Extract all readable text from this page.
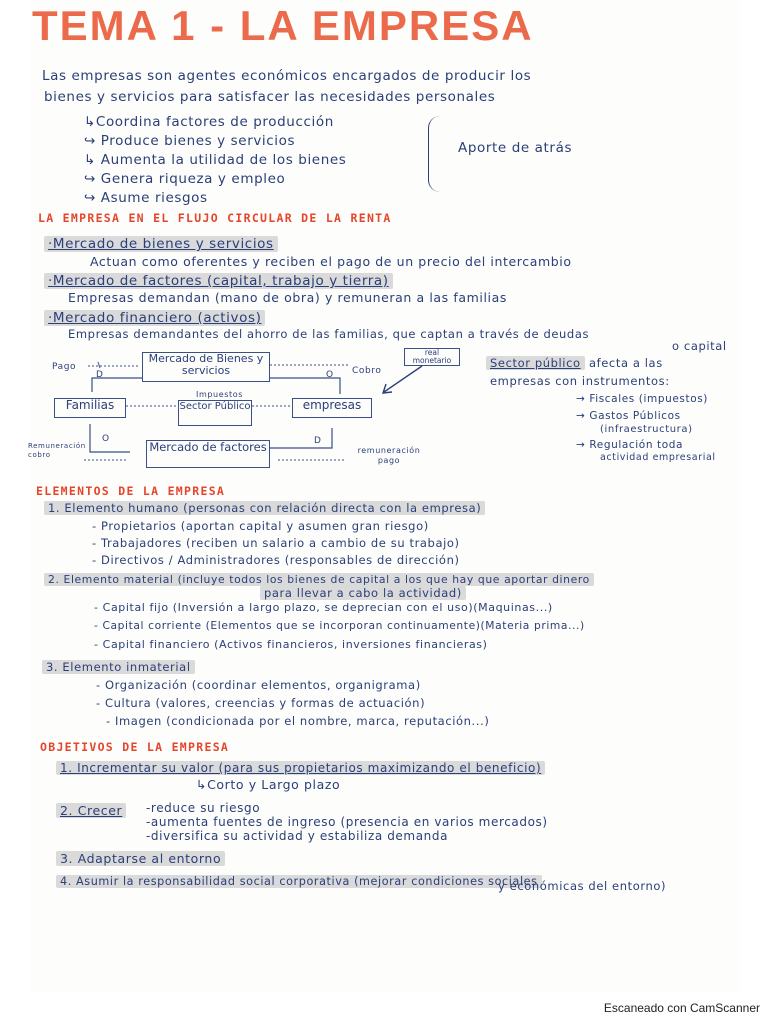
TEMA 1 - LA EMPRESA
Las empresas son agentes económicos encargados de producir los
bienes y servicios para satisfacer las necesidades personales
↳Coordina factores de producción
↪ Produce bienes y servicios
↳ Aumenta la utilidad de los bienes
↪ Genera riqueza y empleo
↪ Asume riesgos
Aporte de atrás
LA EMPRESA EN EL FLUJO CIRCULAR DE LA RENTA
·Mercado de bienes y servicios
Actuan como oferentes y reciben el pago de un precio del intercambio
·Mercado de factores (capital, trabajo y tierra)
Empresas demandan (mano de obra) y remuneran a las familias
·Mercado financiero (activos)
Empresas demandantes del ahorro de las familias, que captan a través de deudas
o capital
Mercado de Bienes y servicios
Familias	Sector Público	empresas
Mercado de factores
real monetario
Pago	Cobro
Impuestos
Remuneración cobro	remuneración pago
D	O
O	D
Sector público afecta a las
empresas con instrumentos:
→ Fiscales (impuestos)
→ Gastos Públicos
(infraestructura)
→ Regulación toda
actividad empresarial
ELEMENTOS DE LA EMPRESA
1. Elemento humano (personas con relación directa con la empresa)
- Propietarios (aportan capital y asumen gran riesgo)
- Trabajadores (reciben un salario a cambio de su trabajo)
- Directivos / Administradores (responsables de dirección)
2. Elemento material (incluye todos los bienes de capital a los que hay que aportar dinero
para llevar a cabo la actividad)
- Capital fijo (Inversión a largo plazo, se deprecian con el uso)(Maquinas...)
- Capital corriente (Elementos que se incorporan continuamente)(Materia prima...)
- Capital financiero (Activos financieros, inversiones financieras)
3. Elemento inmaterial
- Organización (coordinar elementos, organigrama)
- Cultura (valores, creencias y formas de actuación)
- Imagen (condicionada por el nombre, marca, reputación...)
OBJETIVOS DE LA EMPRESA
1. Incrementar su valor (para sus propietarios maximizando el beneficio)
↳Corto y Largo plazo
2. Crecer	-reduce su riesgo
-aumenta fuentes de ingreso (presencia en varios mercados)
-diversifica su actividad y estabiliza demanda
3. Adaptarse al entorno
4. Asumir la responsabilidad social corporativa (mejorar condiciones sociales
y económicas del entorno)
Escaneado con CamScanner
